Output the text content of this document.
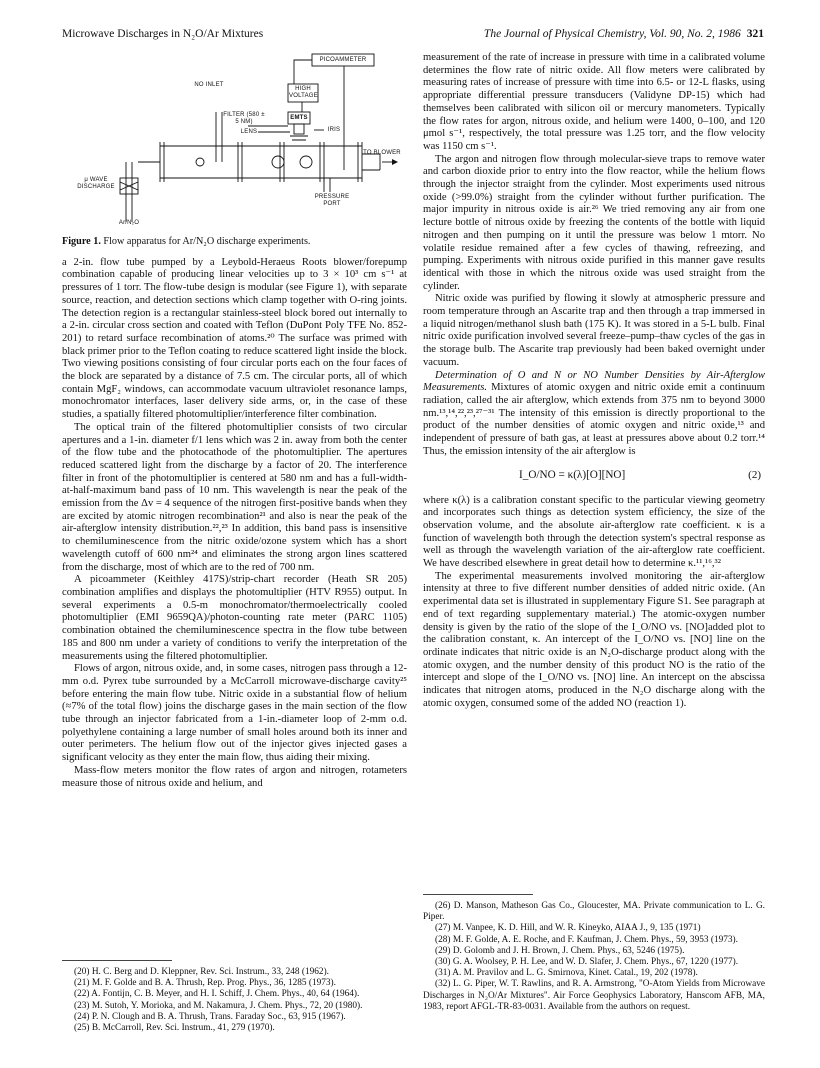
Microwave Discharges in N₂O/Ar Mixtures	The Journal of Physical Chemistry, Vol. 90, No. 2, 1986 321
PICOAMMETER
NO INLET
HIGH VOLTAGE
FILTER (580 ± 5 NM)
EMTS
LENS	IRIS
TO BLOWER
μ WAVE DISCHARGE
PRESSURE PORT
Ar/N₂O
Figure 1. Flow apparatus for Ar/N₂O discharge experiments.

a 2-in. flow tube pumped by a Leybold-Heraeus Roots blower/forepump combination capable of producing linear velocities up to 3 × 10³ cm s⁻¹ at pressures of 1 torr. The flow-tube design is modular (see Figure 1), with separate source, reaction, and detection sections which clamp together with O-ring joints. The detection region is a rectangular stainless-steel block bored out internally to a 2-in. circular cross section and coated with Teflon (DuPont Poly TFE No. 852-201) to retard surface recombination of atoms.²⁰ The surface was primed with black primer prior to the Teflon coating to reduce scattered light inside the block. Two viewing positions consisting of four circular ports each on the four faces of the block are separated by a distance of 7.5 cm. The circular ports, all of which contain MgF₂ windows, can accommodate vacuum ultraviolet resonance lamps, monochromator interfaces, laser delivery side arms, or, in the case of these studies, a spatially filtered photomultiplier/interference filter combination.

The optical train of the filtered photomultiplier consists of two circular apertures and a 1-in. diameter f/1 lens which was 2 in. away from both the center of the flow tube and the photocathode of the photomultiplier. The apertures reduced scattered light from the discharge by a factor of 20. The interference filter in front of the photomultiplier is centered at 580 nm and has a full-width-at-half-maximum band pass of 10 nm. This wavelength is near the peak of the emission from the Δv = 4 sequence of the nitrogen first-positive bands when they are excited by atomic nitrogen recombination²¹ and also is near the peak of the air-afterglow intensity distribution.²²,²³ In addition, this band pass is insensitive to chemiluminescence from the nitric oxide/ozone system which has a short wavelength cutoff of 600 nm²⁴ and eliminates the strong argon lines scattered from the discharge, most of which are to the red of 700 nm.

A picoammeter (Keithley 417S)/strip-chart recorder (Heath SR 205) combination amplifies and displays the photomultiplier (HTV R955) output. In several experiments a 0.5-m monochromator/thermoelectrically cooled photomultiplier (EMI 9659QA)/photon-counting rate meter (PARC 1105) combination obtained the chemiluminescence spectra in the flow tube between 185 and 800 nm under a variety of conditions to verify the interpretation of the measurements using the filtered photomultiplier.

Flows of argon, nitrous oxide, and, in some cases, nitrogen pass through a 12-mm o.d. Pyrex tube surrounded by a McCarroll microwave-discharge cavity²⁵ before entering the main flow tube. Nitric oxide in a substantial flow of helium (≈7% of the total flow) joins the discharge gases in the main section of the flow tube through an injector fabricated from a 1-in.-diameter loop of 2-mm o.d. polyethylene containing a large number of small holes around both its inner and outer perimeters. The helium flow out of the injector gives injected gases a significant velocity as they enter the main flow, thus aiding their mixing.

Mass-flow meters monitor the flow rates of argon and nitrogen, rotameters measure those of nitrous oxide and helium, and

measurement of the rate of increase in pressure with time in a calibrated volume determines the flow rate of nitric oxide. All flow meters were calibrated by measuring rates of increase of pressure with time into 6.5- or 12-L flasks, using appropriate differential pressure transducers (Validyne DP-15) which had themselves been calibrated with silicon oil or mercury manometers. Typically the flow rates for argon, nitrous oxide, and helium were 1400, 0–100, and 120 μmol s⁻¹, respectively, the total pressure was 1.25 torr, and the flow velocity was 1150 cm s⁻¹.

The argon and nitrogen flow through molecular-sieve traps to remove water and carbon dioxide prior to entry into the flow reactor, while the helium flows through the injector straight from the cylinder. Most experiments used nitrous oxide (>99.0%) straight from the cylinder without further purification. The major impurity in nitrous oxide is air.²⁶ We tried removing any air from one lecture bottle of nitrous oxide by freezing the contents of the bottle with liquid nitrogen and then pumping on it until the pressure was below 1 mtorr. No volatile residue remained after a few cycles of thawing, refreezing, and pumping. Experiments with nitrous oxide purified in this manner gave results identical with those in which the nitrous oxide was used straight from the cylinder.

Nitric oxide was purified by flowing it slowly at atmospheric pressure and room temperature through an Ascarite trap and then through a trap immersed in a liquid nitrogen/methanol slush bath (175 K). It was stored in a 5-L bulb. Final nitric oxide purification involved several freeze–pump–thaw cycles of the gas in the storage bulb. The Ascarite trap previously had been baked overnight under vacuum.

Determination of O and N or NO Number Densities by Air-Afterglow Measurements. Mixtures of atomic oxygen and nitric oxide emit a continuum radiation, called the air afterglow, which extends from 375 nm to beyond 3000 nm.¹³,¹⁴,²²,²³,²⁷⁻³¹ The intensity of this emission is directly proportional to the product of the number densities of atomic oxygen and nitric oxide,¹³ and independent of pressure of bath gas, at least at pressures above about 0.2 torr.¹⁴ Thus, the emission intensity of the air afterglow is

I_O/NO = κ(λ)[O][NO]	(2)

where κ(λ) is a calibration constant specific to the particular viewing geometry and incorporates such things as detection system efficiency, the size of the observation volume, and the absolute air-afterglow rate coefficient. κ is a function of wavelength both through the detection system's spectral response as well as through the wavelength variation of the air-afterglow rate coefficient. We have described elsewhere in great detail how to determine κ.¹¹,¹⁶,³²

The experimental measurements involved monitoring the air-afterglow intensity at three to five different number densities of added nitric oxide. (An experimental data set is illustrated in supplementary Figure S1. See paragraph at end of text regarding supplementary material.) The atomic-oxygen number density is given by the ratio of the slope of the I_O/NO vs. [NO]added plot to the calibration constant, κ. An intercept of the I_O/NO vs. [NO] line on the ordinate indicates that nitric oxide is an N₂O-discharge product along with the atomic oxygen, and the number density of this product NO is the ratio of the intercept and slope of the I_O/NO vs. [NO] line. An intercept on the abscissa indicates that nitrogen atoms, produced in the N₂O discharge along with the atomic oxygen, consumed some of the added NO (reaction 1).

(20) H. C. Berg and D. Kleppner, Rev. Sci. Instrum., 33, 248 (1962).
(21) M. F. Golde and B. A. Thrush, Rep. Prog. Phys., 36, 1285 (1973).
(22) A. Fontijn, C. B. Meyer, and H. I. Schiff, J. Chem. Phys., 40, 64 (1964).
(23) M. Sutoh, Y. Morioka, and M. Nakamura, J. Chem. Phys., 72, 20 (1980).
(24) P. N. Clough and B. A. Thrush, Trans. Faraday Soc., 63, 915 (1967).
(25) B. McCarroll, Rev. Sci. Instrum., 41, 279 (1970).
(26) D. Manson, Matheson Gas Co., Gloucester, MA. Private communication to L. G. Piper.
(27) M. Vanpee, K. D. Hill, and W. R. Kineyko, AIAA J., 9, 135 (1971)
(28) M. F. Golde, A. E. Roche, and F. Kaufman, J. Chem. Phys., 59, 3953 (1973).
(29) D. Golomb and J. H. Brown, J. Chem. Phys., 63, 5246 (1975).
(30) G. A. Woolsey, P. H. Lee, and W. D. Slafer, J. Chem. Phys., 67, 1220 (1977).
(31) A. M. Pravilov and L. G. Smirnova, Kinet. Catal., 19, 202 (1978).
(32) L. G. Piper, W. T. Rawlins, and R. A. Armstrong, "O-Atom Yields from Microwave Discharges in N₂O/Ar Mixtures". Air Force Geophysics Laboratory, Hanscom AFB, MA, 1983, report AFGL-TR-83-0031. Available from the authors on request.
